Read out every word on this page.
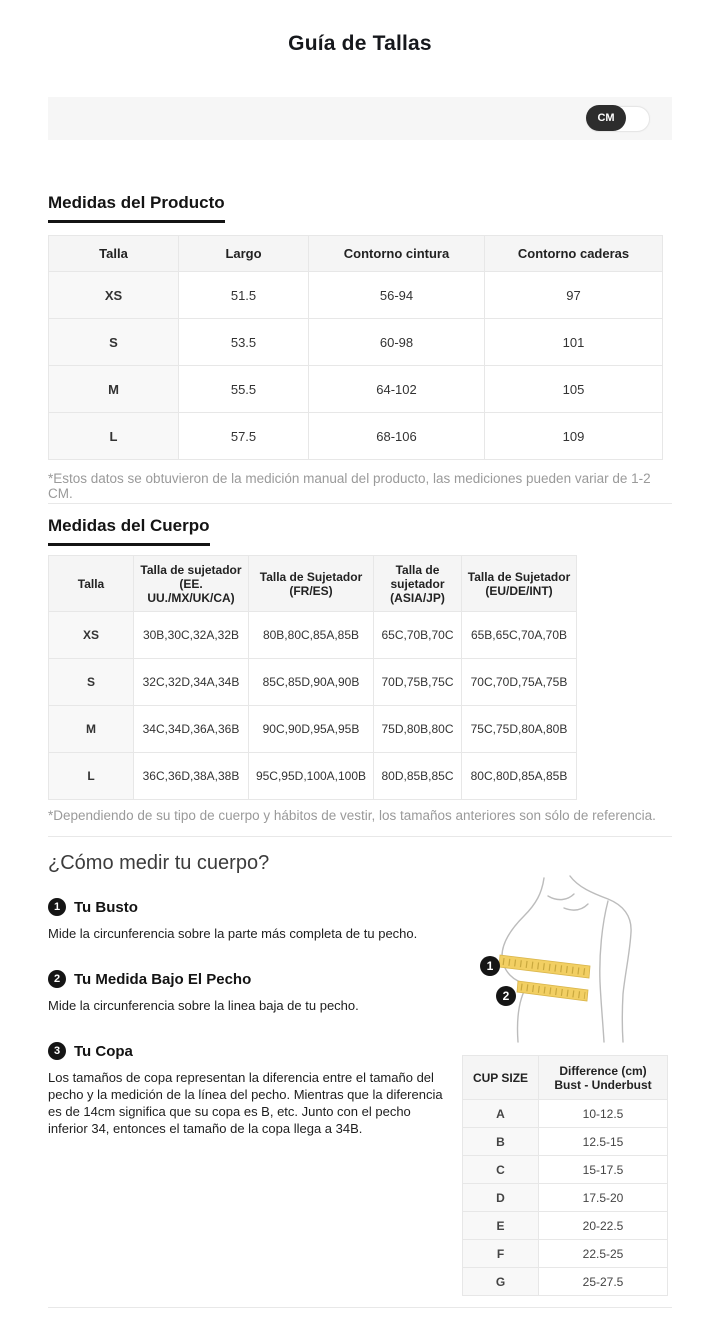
Guía de Tallas
CM
Medidas del Producto
Talla	Largo	Contorno cintura	Contorno caderas
XS	51.5	56-94	97
S	53.5	60-98	101
M	55.5	64-102	105
L	57.5	68-106	109
*Estos datos se obtuvieron de la medición manual del producto, las mediciones pueden variar de 1-2 CM.
Medidas del Cuerpo
Talla	Talla de sujetador (EE. UU./MX/UK/CA)	Talla de Sujetador (FR/ES)	Talla de sujetador (ASIA/JP)	Talla de Sujetador (EU/DE/INT)
XS	30B,30C,32A,32B	80B,80C,85A,85B	65C,70B,70C	65B,65C,70A,70B
S	32C,32D,34A,34B	85C,85D,90A,90B	70D,75B,75C	70C,70D,75A,75B
M	34C,34D,36A,36B	90C,90D,95A,95B	75D,80B,80C	75C,75D,80A,80B
L	36C,36D,38A,38B	95C,95D,100A,100B	80D,85B,85C	80C,80D,85A,85B
*Dependiendo de su tipo de cuerpo y hábitos de vestir, los tamaños anteriores son sólo de referencia.
¿Cómo medir tu cuerpo?
1 Tu Busto
Mide la circunferencia sobre la parte más completa de tu pecho.
2 Tu Medida Bajo El Pecho
Mide la circunferencia sobre la linea baja de tu pecho.
3 Tu Copa
Los tamaños de copa representan la diferencia entre el tamaño del pecho y la medición de la línea del pecho. Mientras que la diferencia es de 14cm significa que su copa es B, etc. Junto con el pecho inferior 34, entonces el tamaño de la copa llega a 34B.
1
2
CUP SIZE	Difference (cm)
Bust - Underbust

A	10-12.5
B	12.5-15
C	15-17.5
D	17.5-20
E	20-22.5
F	22.5-25
G	25-27.5
